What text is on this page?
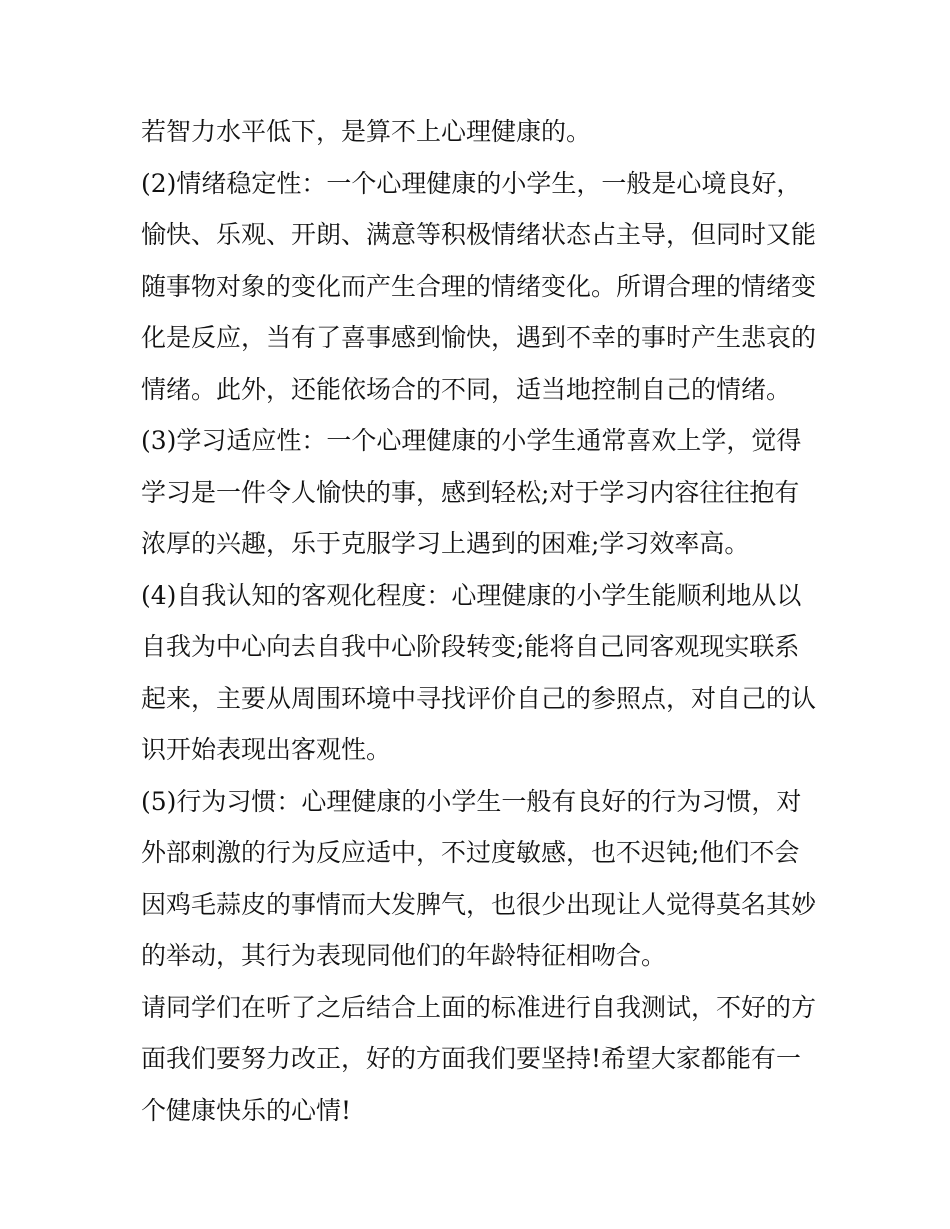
若智力水平低下，是算不上心理健康的。
(2)情绪稳定性：一个心理健康的小学生，一般是心境良好，
愉快、乐观、开朗、满意等积极情绪状态占主导，但同时又能
随事物对象的变化而产生合理的情绪变化。所谓合理的情绪变
化是反应，当有了喜事感到愉快，遇到不幸的事时产生悲哀的
情绪。此外，还能依场合的不同，适当地控制自己的情绪。
(3)学习适应性：一个心理健康的小学生通常喜欢上学，觉得
学习是一件令人愉快的事，感到轻松;对于学习内容往往抱有
浓厚的兴趣，乐于克服学习上遇到的困难;学习效率高。
(4)自我认知的客观化程度：心理健康的小学生能顺利地从以
自我为中心向去自我中心阶段转变;能将自己同客观现实联系
起来，主要从周围环境中寻找评价自己的参照点，对自己的认
识开始表现出客观性。
(5)行为习惯：心理健康的小学生一般有良好的行为习惯，对
外部刺激的行为反应适中，不过度敏感，也不迟钝;他们不会
因鸡毛蒜皮的事情而大发脾气，也很少出现让人觉得莫名其妙
的举动，其行为表现同他们的年龄特征相吻合。
请同学们在听了之后结合上面的标准进行自我测试，不好的方
面我们要努力改正，好的方面我们要坚持!希望大家都能有一
个健康快乐的心情!
